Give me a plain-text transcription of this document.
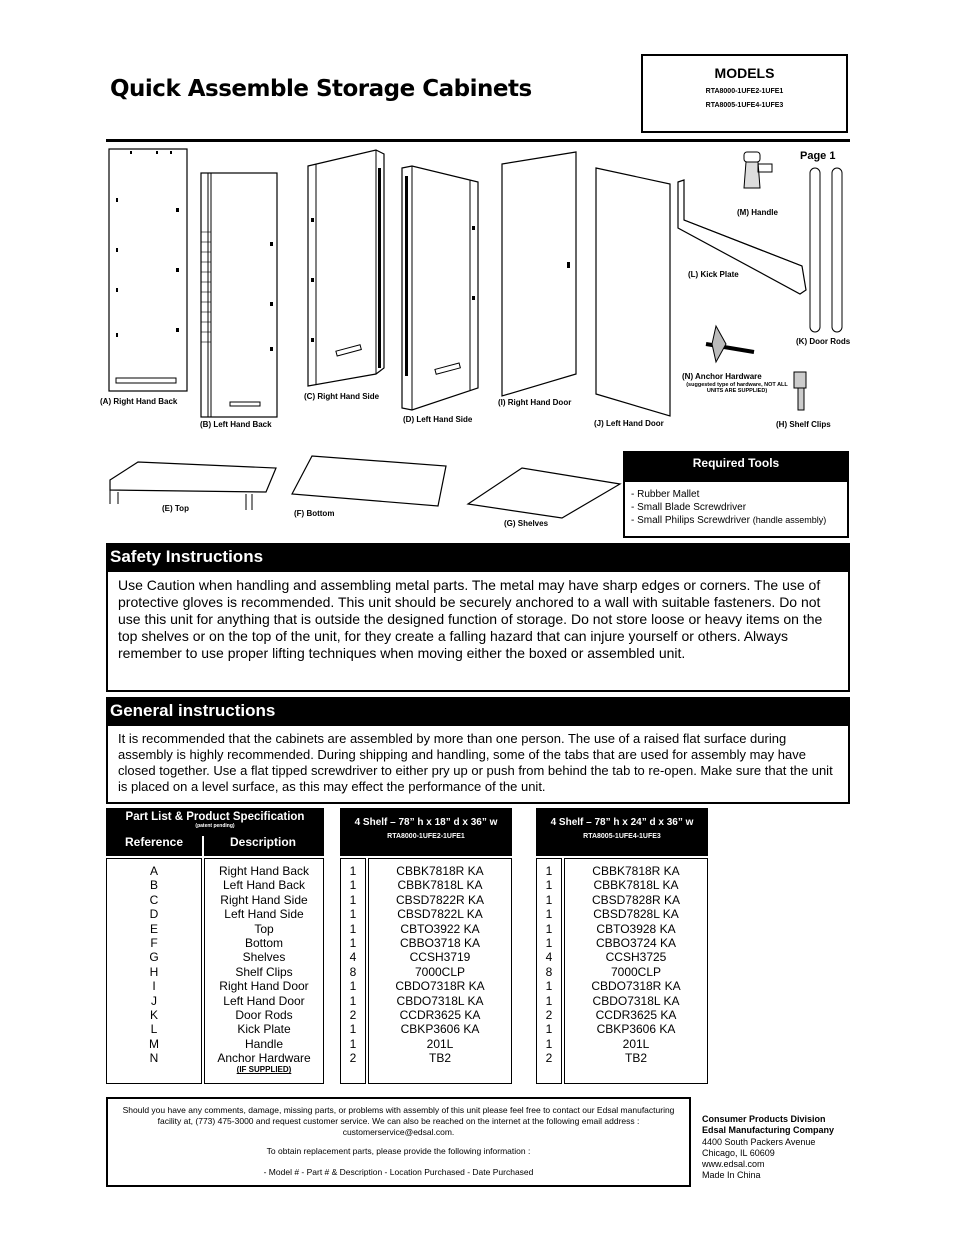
Quick Assemble Storage Cabinets
MODELS
RTA8000-1UFE2-1UFE1
RTA8005-1UFE4-1UFE3
Page 1
(A) Right Hand Back
(B) Left Hand Back
(C) Right Hand Side
(D) Left Hand Side
(I) Right Hand Door
(J) Left Hand Door
(M) Handle
(L) Kick Plate
(K) Door Rods
(N) Anchor Hardware
(suggested type of hardware, NOT ALL UNITS ARE SUPPLIED)
(H) Shelf Clips
(E) Top
(F) Bottom
(G) Shelves
Required Tools
- Rubber Mallet
- Small Blade Screwdriver
- Small Philips Screwdriver (handle assembly)
Safety Instructions
Use Caution when handling and assembling metal parts. The metal may have sharp edges or corners. The use of protective gloves is recommended. This unit should be securely anchored to a wall with suitable fasteners. Do not use this unit for anything that is outside the designed function of storage. Do not store loose or heavy items on the top shelves or on the top of the unit, for they create a falling hazard that can injure yourself or others. Always remember to use proper lifting techniques when moving either the boxed or assembled unit.
General instructions
It is recommended that the cabinets are assembled by more than one person. The use of a raised flat surface during assembly is highly recommended. During shipping and handling, some of the tabs that are used for assembly may have closed together. Use a flat tipped screwdriver to either pry up or push from behind the tab to re-open. Make sure that the unit is placed on a level surface, as this may effect the performance of the unit.
Part List & Product Specification
(patent pending)
Reference	Description
4 Shelf – 78” h x 18” d x 36” w
RTA8000-1UFE2-1UFE1
4 Shelf – 78” h x 24” d x 36” w
RTA8005-1UFE4-1UFE3
A
B
C
D
E
F
G
H
I
J
K
L
M
N
Right Hand Back
Left Hand Back
Right Hand Side
Left Hand Side
Top
Bottom
Shelves
Shelf Clips
Right Hand Door
Left Hand Door
Door Rods
Kick Plate
Handle
Anchor Hardware
(IF SUPPLIED)
1
1
1
1
1
1
4
8
1
1
2
1
1
2
CBBK7818R KA
CBBK7818L KA
CBSD7822R KA
CBSD7822L KA
CBTO3922 KA
CBBO3718 KA
CCSH3719
7000CLP
CBDO7318R KA
CBDO7318L KA
CCDR3625 KA
CBKP3606 KA
201L
TB2
1
1
1
1
1
1
4
8
1
1
2
1
1
2
CBBK7818R KA
CBBK7818L KA
CBSD7828R KA
CBSD7828L KA
CBTO3928 KA
CBBO3724 KA
CCSH3725
7000CLP
CBDO7318R KA
CBDO7318L KA
CCDR3625 KA
CBKP3606 KA
201L
TB2
Should you have any comments, damage, missing parts, or problems with assembly of this unit please feel free to contact our Edsal manufacturing facility at, (773) 475-3000 and request customer service. We can also be reached on the internet at the following email address : customerservice@edsal.com.
To obtain replacement parts, please provide the following information :
- Model # - Part # & Description - Location Purchased - Date Purchased
Consumer Products Division
Edsal Manufacturing Company
4400 South Packers Avenue
Chicago, IL 60609
www.edsal.com
Made In China
